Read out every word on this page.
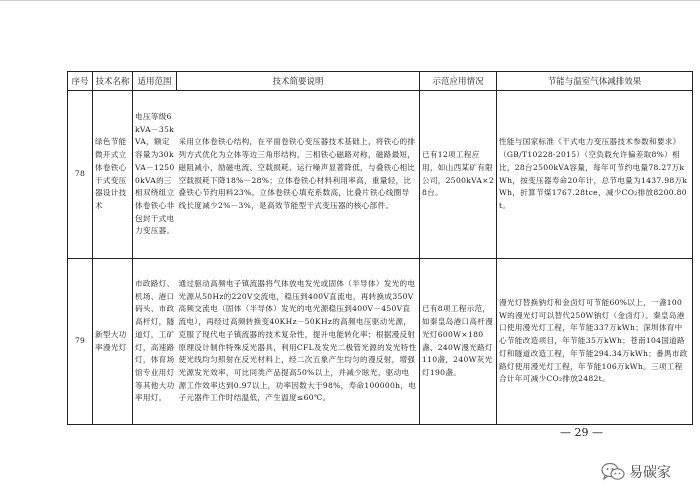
序号	技术名称	适用范围	技术简要说明	示范应用情况	节能与温室气体减排效果
78	绿色节能微开式立体卷铁心干式变压器设计技术	电压等级6kVA－35kVA，额定容量为30kVA－12500kVA的三相双绕组立体卷铁心非包封干式电力变压器。	采用立体卷铁心结构，在平面卷铁心变压器技术基础上，将铁心的排列方式优化为立体等边三角形结构，三相铁心磁路对称，磁路最短，磁阻减小，励磁电流、空载损耗、运行噪声显著降低，与叠铁心相比空载损耗下降18%－28%；立体卷铁心材料利用率高，重量轻，比叠铁心节约用料23%。立体卷铁心填充系数高，比叠片铁心线圈导线长度减少2%－3%，是高效节能型干式变压器的核心部件。	已有12项工程应用，如山西某矿有限公司，2500kVA×28台。	性能与国家标准《干式电力变压器技术参数和要求》（GB/T10228-2015）（空负载允许偏差取8%）相比，28台2500kVA容量，每年可节约电量78.27万kWh，按变压器寿命20年计，总节电量为1437.98万kWh，折算节煤1767.28tce，减少CO₂排放8200.80t。
79	新型大功率漫光灯	市政路灯、机场、港口码头、市政高杆灯，隧道灯，工矿灯，高速路灯，体育场馆专业用灯等其他大功率用灯。	通过驱动高频电子镇流器将气体放电发光或固体（半导体）发光的电光源从50Hz的220V交流电，稳压到400V直流电，再转换成350V高频交流电（固体（半导体）发光的电光源稳压到400V－450V直流电），再经过高频转换变40KHz－50KHz的高频电压驱动光源，克服了现代电子镇流器的技术复杂性，提升电能转化率；根据漫反射原理设计制作特殊反光器具，利用CFL及发光二极管光源的发光特性使光线均匀照射在反光材料上，经二次五象产生均匀的漫反射，增强光源发光效率，可比同类产品提高50%以上，并减少眩光，驱动电源工作效率达到0.97以上，功率因数大于98%，寿命100000h，电子元器件工作时结温低，产生温度≤60℃。	已有8项工程示范，如秦皇岛港口高杆漫光灯600W×180盏、240W漫光路灯110盏，240W灰光灯190盏。	漫光灯替换钠灯和金卤灯可节能60%以上，一盏100W的漫光灯可以替代250W钠灯（金卤灯）。秦皇岛港口使用漫光灯工程，年节能337万kWh；深圳体育中心节能改造项目，年节能35万kWh；苍南104国道路灯和隧道改造工程，年节能294.34万kWh；番禺市政路灯使用漫光灯工程，年节能106万kWh。三项工程合计年可减少CO₂排放2482t。
— 29 —
易碳家
